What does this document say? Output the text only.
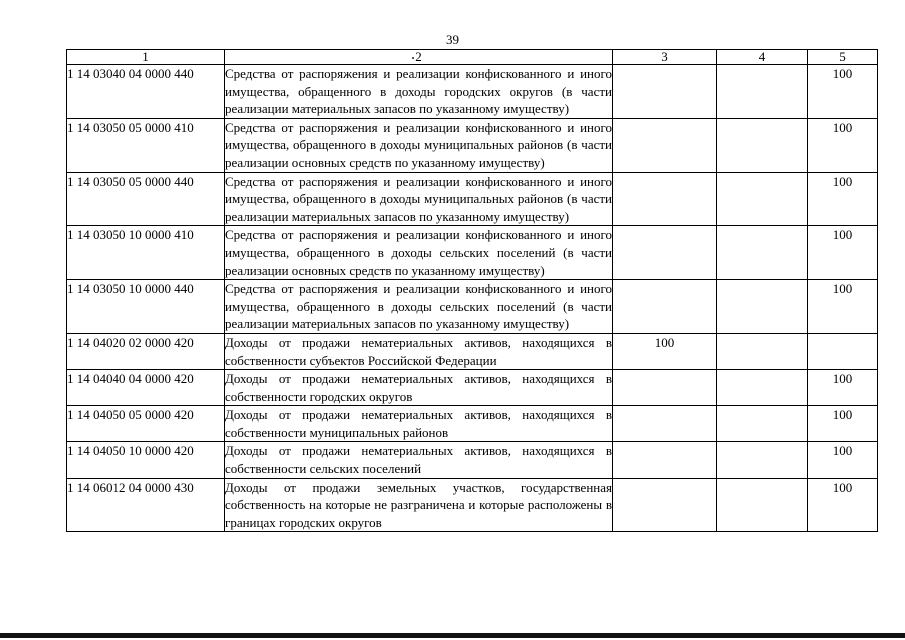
39
1	2	3	4	5
1 14 03040 04 0000 440	Средства от распоряжения и реализации конфискованного и иного имущества, обращенного в доходы городских округов (в части реализации материальных запасов по указанному имуществу)			100
1 14 03050 05 0000 410	Средства от распоряжения и реализации конфискованного и иного имущества, обращенного в доходы муниципальных районов (в части реализации основных средств по указанному имуществу)			100
1 14 03050 05 0000 440	Средства от распоряжения и реализации конфискованного и иного имущества, обращенного в доходы муниципальных районов (в части реализации материальных запасов по указанному имуществу)			100
1 14 03050 10 0000 410	Средства от распоряжения и реализации конфискованного и иного имущества, обращенного в доходы сельских поселений (в части реализации основных средств по указанному имуществу)			100
1 14 03050 10 0000 440	Средства от распоряжения и реализации конфискованного и иного имущества, обращенного в доходы сельских поселений (в части реализации материальных запасов по указанному имуществу)			100
1 14 04020 02 0000 420	Доходы от продажи нематериальных активов, находящихся в собственности субъектов Российской Федерации	100		
1 14 04040 04 0000 420	Доходы от продажи нематериальных активов, находящихся в собственности городских округов			100
1 14 04050 05 0000 420	Доходы от продажи нематериальных активов, находящихся в собственности муниципальных районов			100
1 14 04050 10 0000 420	Доходы от продажи нематериальных активов, находящихся в собственности сельских поселений			100
1 14 06012 04 0000 430	Доходы от продажи земельных участков, государственная собственность на которые не разграничена и которые расположены в границах городских округов			100
